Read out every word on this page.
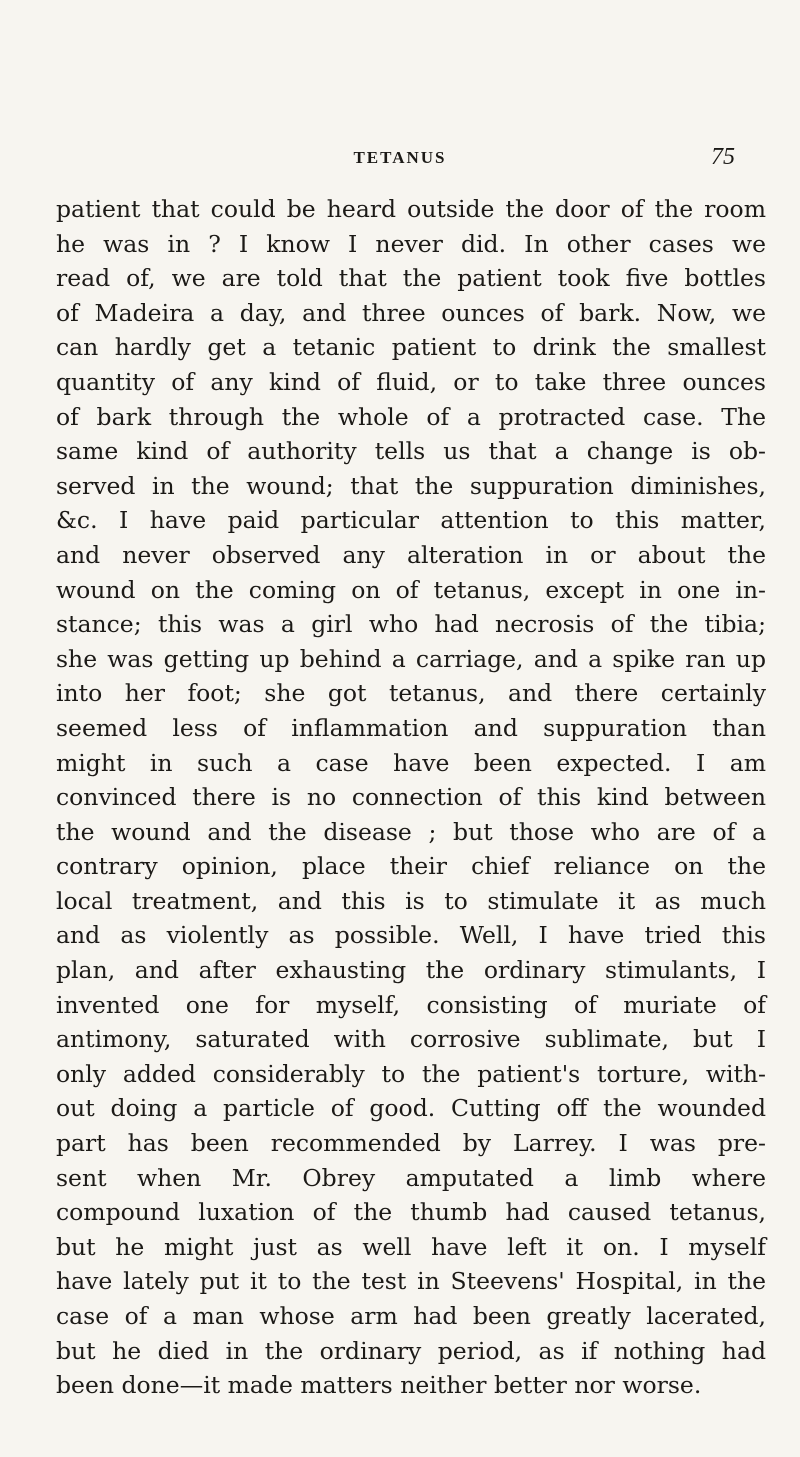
TETANUS	75
patient that could be heard outside the door of the room
he was in ? I know I never did. In other cases we
read of, we are told that the patient took five bottles
of Madeira a day, and three ounces of bark. Now, we
can hardly get a tetanic patient to drink the smallest
quantity of any kind of fluid, or to take three ounces
of bark through the whole of a protracted case. The
same kind of authority tells us that a change is ob-
served in the wound; that the suppuration diminishes,
&c. I have paid particular attention to this matter,
and never observed any alteration in or about the
wound on the coming on of tetanus, except in one in-
stance; this was a girl who had necrosis of the tibia;
she was getting up behind a carriage, and a spike ran up
into her foot; she got tetanus, and there certainly
seemed less of inflammation and suppuration than
might in such a case have been expected. I am
convinced there is no connection of this kind between
the wound and the disease ; but those who are of a
contrary opinion, place their chief reliance on the
local treatment, and this is to stimulate it as much
and as violently as possible. Well, I have tried this
plan, and after exhausting the ordinary stimulants, I
invented one for myself, consisting of muriate of
antimony, saturated with corrosive sublimate, but I
only added considerably to the patient's torture, with-
out doing a particle of good. Cutting off the wounded
part has been recommended by Larrey. I was pre-
sent when Mr. Obrey amputated a limb where
compound luxation of the thumb had caused tetanus,
but he might just as well have left it on. I myself
have lately put it to the test in Steevens' Hospital, in the
case of a man whose arm had been greatly lacerated,
but he died in the ordinary period, as if nothing had
been done—it made matters neither better nor worse.
